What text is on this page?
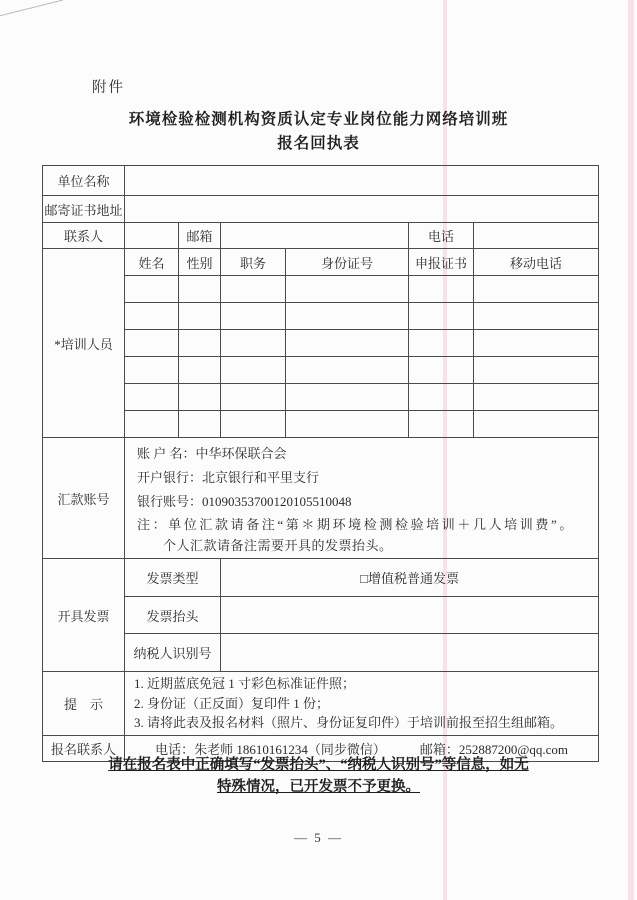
附件
环境检验检测机构资质认定专业岗位能力网络培训班
报名回执表
单位名称						
邮寄证书地址						
联系人		邮箱			电话	
*培训人员	姓名	性别	职务	身份证号	申报证书	移动电话

汇款账号	账 户 名：中华环保联合会
开户银行：北京银行和平里支行
银行账号：01090353700120105510048
注：单位汇款请备注“第＊期环境检测检验培训＋几人培训费”。
个人汇款请备注需要开具的发票抬头。					

开具发票	发票类型		□增值税普通发票			
	发票抬头					
	纳税人识别号					
提　示	1. 近期蓝底免冠 1 寸彩色标准证件照；
2. 身份证（正反面）复印件 1 份；
3. 请将此表及报名材料（照片、身份证复印件）于培训前报至招生组邮箱。					

报名联系人	电话：朱老师 18610161234（同步微信） 邮箱：252887200@qq.com					
请在报名表中正确填写“发票抬头”、“纳税人识别号”等信息，如无
特殊情况，已开发票不予更换。
— 5 —
